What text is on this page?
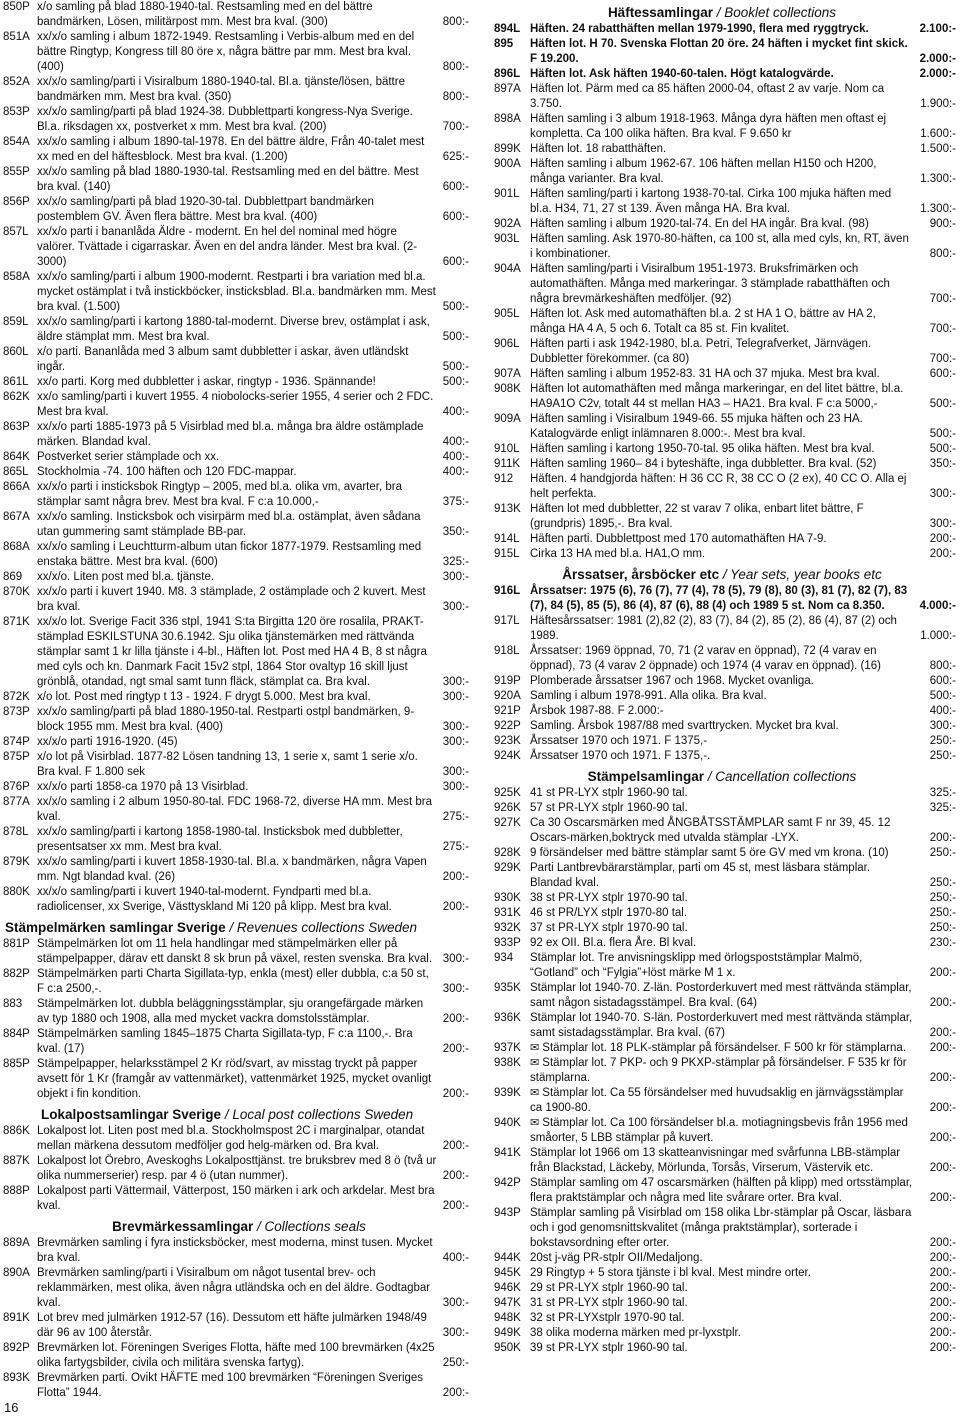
850P x/o samling på blad 1880-1940-tal. Restsamling med en del bättre bandmärken, Lösen, militärpost mm. Mest bra kval. (300)	800:-
851A xx/x/o samling i album 1872-1949. Restsamling i Verbis-album med en del bättre Ringtyp, Kongress till 80 öre x, några bättre par mm. Mest bra kval. (400)	800:-
852A xx/x/o samling/parti i Visiralbum 1880-1940-tal. Bl.a. tjänste/lösen, bättre bandmärken mm. Mest bra kval. (350)	800:-
853P xx/x/o samling/parti på blad 1924-38. Dubblettparti kongress-Nya Sverige. Bl.a. riksdagen xx, postverket x mm. Mest bra kval. (200)	700:-
854A xx/x/o samling i album 1890-tal-1978. En del bättre äldre, Från 40-talet mest xx med en del häftesblock. Mest bra kval. (1.200)	625:-
855P xx/x/o samling på blad 1880-1930-tal. Restsamling med en del bättre. Mest bra kval. (140)	600:-
856P xx/x/o samling/parti på blad 1920-30-tal. Dubblettpart bandmärken postemblem GV. Även flera bättre. Mest bra kval. (400)	600:-
857L xx/x/o parti i bananlåda Äldre - modernt. En hel del nominal med högre valörer. Tvättade i cigarraskar. Även en del andra länder. Mest bra kval. (2-3000)	600:-
858A xx/x/o samling/parti i album 1900-modernt. Restparti i bra variation med bl.a. mycket ostämplat i två instickböcker, insticksblad. Bl.a. bandmärken mm. Mest bra kval. (1.500)	500:-
859L xx/x/o samling/parti i kartong 1880-tal-modernt. Diverse brev, ostämplat i ask, äldre stämplat mm. Mest bra kval.	500:-
860L x/o parti. Bananlåda med 3 album samt dubbletter i askar, även utländskt ingår.	500:-
861L xx/o parti. Korg med dubbletter i askar, ringtyp - 1936. Spännande!	500:-
862K xx/o samling/parti i kuvert 1955. 4 niobolocks-serier 1955, 4 serier och 2 FDC. Mest bra kval.	400:-
863P xx/x/o parti 1885-1973 på 5 Visirblad med bl.a. många bra äldre ostämplade märken. Blandad kval.	400:-
864K Postverket serier stämplade och xx.	400:-
865L Stockholmia -74. 100 häften och 120 FDC-mappar.	400:-
866A xx/x/o parti i insticksbok Ringtyp – 2005, med bl.a. olika vm, avarter, bra stämplar samt några brev. Mest bra kval. F c:a 10.000,-	375:-
867A xx/x/o samling. Insticksbok och visirpärm med bl.a. ostämplat, även sådana utan gummering samt stämplade BB-par.	350:-
868A xx/x/o samling i Leuchtturm-album utan fickor 1877-1979. Restsamling med enstaka bättre. Mest bra kval. (600)	325:-
869 xx/x/o. Liten post med bl.a. tjänste.	300:-
870K xx/x/o parti i kuvert 1940. M8. 3 stämplade, 2 ostämplade och 2 kuvert. Mest bra kval.	300:-
871K xx/x/o lot. Sverige Facit 336 stpl, 1941 S:ta Birgitta 120 öre rosalila, PRAKT-stämplad ESKILSTUNA 30.6.1942. Sju olika tjänstemärken med rättvända stämplar samt 1 kr lilla tjänste i 4-bl., Häften lot. Post med HA 4 B, 8 st några med cyls och kn. Danmark Facit 15v2 stpl, 1864 Stor ovaltyp 16 skill ljust grönblå, otandad, ngt smal samt tunn fläck, stämplat ca. Bra kval.	300:-
872K x/o lot. Post med ringtyp t 13 - 1924. F drygt 5.000. Mest bra kval.	300:-
873P xx/x/o samling/parti på blad 1880-1950-tal. Restparti ostpl bandmärken, 9-block 1955 mm. Mest bra kval. (400)	300:-
874P xx/x/o parti 1916-1920. (45)	300:-
875P x/o lot på Visirblad. 1877-82 Lösen tandning 13, 1 serie x, samt 1 serie x/o. Bra kval. F 1.800 sek	300:-
876P xx/x/o parti 1858-ca 1970 på 13 Visirblad.	300:-
877A xx/x/o samling i 2 album 1950-80-tal. FDC 1968-72, diverse HA mm. Mest bra kval.	275:-
878L xx/x/o samling/parti i kartong 1858-1980-tal. Insticksbok med dubbletter, presentsatser xx mm. Mest bra kval.	275:-
879K xx/x/o samling/parti i kuvert 1858-1930-tal. Bl.a. x bandmärken, några Vapen mm. Ngt blandad kval. (26)	200:-
880K xx/x/o samling/parti i kuvert 1940-tal-modernt. Fyndparti med bl.a. radiolicenser, xx Sverige, Västtyskland Mi 120 på klipp. Mest bra kval.	200:-
Stämpelmärken samlingar Sverige / Revenues collections Sweden
881P Stämpelmärken lot om 11 hela handlingar med stämpelmärken eller på stämpelpapper, därav ett danskt 8 sk brun på växel, resten svenska. Bra kval. 300:-
882P Stämpelmärken parti Charta Sigillata-typ, enkla (mest) eller dubbla, c:a 50 st, F c:a 2500,-.	300:-
883 Stämpelmärken lot. dubbla beläggningsstämplar, sju orangefärgade märken av typ 1880 och 1908, alla med mycket vackra domstolsstämplar.	200:-
884P Stämpelmärken samling 1845–1875 Charta Sigillata-typ, F c:a 1100,-. Bra kval. (17)	200:-
885P Stämpelpapper, helarksstämpel 2 Kr röd/svart, av misstag tryckt på papper avsett för 1 Kr (framgår av vattenmärket), vattenmärket 1925, mycket ovanligt objekt i fin kondition.	200:-
Lokalpostsamlingar Sverige / Local post collections Sweden
886K Lokalpost lot. Liten post med bl.a. Stockholmspost 2C i marginalpar, otandat mellan märkena dessutom medföljer god helg-märken od. Bra kval.	200:-
887K Lokalpost lot Örebro, Aveskoghs Lokalposttjänst. tre bruksbrev med 8 ö (två ur olika nummerserier) resp. par 4 ö (utan nummer).	200:-
888P Lokalpost parti Vättermail, Vätterpost, 150 märken i ark och arkdelar. Mest bra kval.	200:-
Brevmärkessamlingar / Collections seals
889A Brevmärken samling i fyra insticksböcker, mest moderna, minst tusen. Mycket bra kval.	400:-
890A Brevmärken samling/parti i Visiralbum om något tusental brev- och reklammärken, mest olika, även några utländska och en del äldre. Godtagbar kval.	300:-
891K Lot brev med julmärken 1912-57 (16). Dessutom ett häfte julmärken 1948/49 där 96 av 100 återstår.	300:-
892P Brevmärken lot. Föreningen Sveriges Flotta, häfte med 100 brevmärken (4x25 olika fartygsbilder, civila och militära svenska fartyg).	250:-
893K Brevmärken parti. Ovikt HÄFTE med 100 brevmärken “Föreningen Sveriges Flotta” 1944.	200:-
Häftessamlingar / Booklet collections
894L Häften. 24 rabatthäften mellan 1979-1990, flera med ryggtryck.	2.100:-
895 Häften lot. H 70. Svenska Flottan 20 öre. 24 häften i mycket fint skick. F 19.200.	2.000:-
896L Häften lot. Ask häften 1940-60-talen. Högt katalogvärde.	2.000:-
897A Häften lot. Pärm med ca 85 häften 2000-04, oftast 2 av varje. Nom ca 3.750.	1.900:-
898A Häften samling i 3 album 1918-1963. Många dyra häften men oftast ej kompletta. Ca 100 olika häften. Bra kval. F 9.650 kr	1.600:-
899K Häften lot. 18 rabatthäften.	1.500:-
900A Häften samling i album 1962-67. 106 häften mellan H150 och H200, många varianter. Bra kval.	1.300:-
901L Häften samling/parti i kartong 1938-70-tal. Cirka 100 mjuka häften med bl.a. H34, 71, 27 st 139. Även många HA. Bra kval.	1.300:-
902A Häften samling i album 1920-tal-74. En del HA ingår. Bra kval. (98)	900:-
903L Häften samling. Ask 1970-80-häften, ca 100 st, alla med cyls, kn, RT, även i kombinationer.	800:-
904A Häften samling/parti i Visiralbum 1951-1973. Bruksfrimärken och automathäften. Många med markeringar. 3 stämplade rabatthäften och några brevmärkeshäften medföljer. (92)	700:-
905L Häften lot. Ask med automathäften bl.a. 2 st HA 1 O, bättre av HA 2, många HA 4 A, 5 och 6. Totalt ca 85 st. Fin kvalitet.	700:-
906L Häften parti i ask 1942-1980, bl.a. Petri, Telegrafverket, Järnvägen. Dubbletter förekommer. (ca 80)	700:-
907A Häften samling i album 1952-83. 31 HA och 37 mjuka. Mest bra kval.	600:-
908K Häften lot automathäften med många markeringar, en del litet bättre, bl.a. HA9A1O C2v, totalt 44 st mellan HA3 – HA21. Bra kval. F c:a 5000,-	500:-
909A Häften samling i Visiralbum 1949-66. 55 mjuka häften och 23 HA. Katalogvärde enligt inlämnaren 8.000:-. Mest bra kval.	500:-
910L Häften samling i kartong 1950-70-tal. 95 olika häften. Mest bra kval.	500:-
911K Häften samling 1960– 84 i byteshäfte, inga dubbletter. Bra kval. (52)	350:-
912 Häften. 4 handgjorda häften: H 36 CC R, 38 CC O (2 ex), 40 CC O. Alla ej helt perfekta.	300:-
913K Häften lot med dubbletter, 22 st varav 7 olika, enbart litet bättre, F (grundpris) 1895,-. Bra kval.	300:-
914L Häften parti. Dubblettpost med 170 automathäften HA 7-9.	200:-
915L Cirka 13 HA med bl.a. HA1,O mm.	200:-
Årssatser, årsböcker etc / Year sets, year books etc
916L Årssatser: 1975 (6), 76 (7), 77 (4), 78 (5), 79 (8), 80 (3), 81 (7), 82 (7), 83 (7), 84 (5), 85 (5), 86 (4), 87 (6), 88 (4) och 1989 5 st. Nom ca 8.350.	4.000:-
917L Häftesårssatser: 1981 (2),82 (2), 83 (7), 84 (2), 85 (2), 86 (4), 87 (2) och 1989.	1.000:-
918L Årssatser: 1969 öppnad, 70, 71 (2 varav en öppnad), 72 (4 varav en öppnad), 73 (4 varav 2 öppnade) och 1974 (4 varav en öppnad). (16)	800:-
919P Plomberade årssatser 1967 och 1968. Mycket ovanliga.	600:-
920A Samling i album 1978-991. Alla olika. Bra kval.	500:-
921P Årsbok 1987-88. F 2.000:-	400:-
922P Samling. Årsbok 1987/88 med svarttrycken. Mycket bra kval.	300:-
923K Årssatser 1970 och 1971. F 1375,-	250:-
924K Årssatser 1970 och 1971. F 1375,-.	250:-
Stämpelsamlingar / Cancellation collections
925K 41 st PR-LYX stplr 1960-90 tal.	325:-
926K 57 st PR-LYX stplr 1960-90 tal.	325:-
927K Ca 30 Oscarsmärken med ÅNGBÅTSSTÄMPLAR samt F nr 39, 45. 12 Oscars-märken,boktryck med utvalda stämplar -LYX.	200:-
928K 9 försändelser med bättre stämplar samt 5 öre GV med vm krona. (10)	250:-
929K Parti Lantbrevbärarstämplar, parti om 45 st, mest läsbara stämplar. Blandad kval.	250:-
930K 38 st PR-LYX stplr 1970-90 tal.	250:-
931K 46 st PR/LYX stplr 1970-80 tal.	250:-
932K 37 st PR-LYX stplr 1970-90 tal.	250:-
933P 92 ex OII. Bl.a. flera Åre. Bl kval.	230:-
934 Stämplar lot. Tre anvisningsklipp med örlogspoststämplar Malmö, “Gotland” och “Fylgia”+löst märke M 1 x.	200:-
935K Stämplar lot 1940-70. Z-län. Postorderkuvert med mest rättvända stämplar, samt någon sistadagsstämpel. Bra kval. (64)	200:-
936K Stämplar lot 1940-70. S-län. Postorderkuvert med mest rättvända stämplar, samt sistadagsstämplar. Bra kval. (67)	200:-
937K ✉ Stämplar lot. 18 PLK-stämplar på försändelser. F 500 kr för stämplarna.	200:-
938K ✉ Stämplar lot. 7 PKP- och 9 PKXP-stämplar på försändelser. F 535 kr för stämplarna.	200:-
939K ✉ Stämplar lot. Ca 55 försändelser med huvudsaklig en järnvägsstämplar ca 1900-80.	200:-
940K ✉ Stämplar lot. Ca 100 försändelser bl.a. motiagningsbevis från 1956 med småorter, 5 LBB stämplar på kuvert.	200:-
941K Stämplar lot 1966 om 13 skatteanvisningar med svårfunna LBB-stämplar från Blackstad, Läckeby, Mörlunda, Torsås, Virserum, Västervik etc.	200:-
942P Stämplar samling om 47 oscarsmärken (hälften på klipp) med ortsstämplar, flera praktstämplar och några med lite svårare orter. Bra kval.	200:-
943P Stämplar samling på Visirblad om 158 olika Lbr-stämplar på Oscar, läsbara och i god genomsnittskvalitet (många praktstämplar), sorterade i bokstavsordning efter orter.	200:-
944K 20st j-väg PR-stplr OII/Medaljong.	200:-
945K 29 Ringtyp + 5 stora tjänste i bl kval. Mest mindre orter.	200:-
946K 29 st PR-LYX stplr 1960-90 tal.	200:-
947K 31 st PR-LYX stplr 1960-90 tal.	200:-
948K 32 st PR-LYXstplr 1970-90 tal.	200:-
949K 38 olika moderna märken med pr-lyxstplr.	200:-
950K 39 st PR-LYX stplr 1960-90 tal.	200:-
16
